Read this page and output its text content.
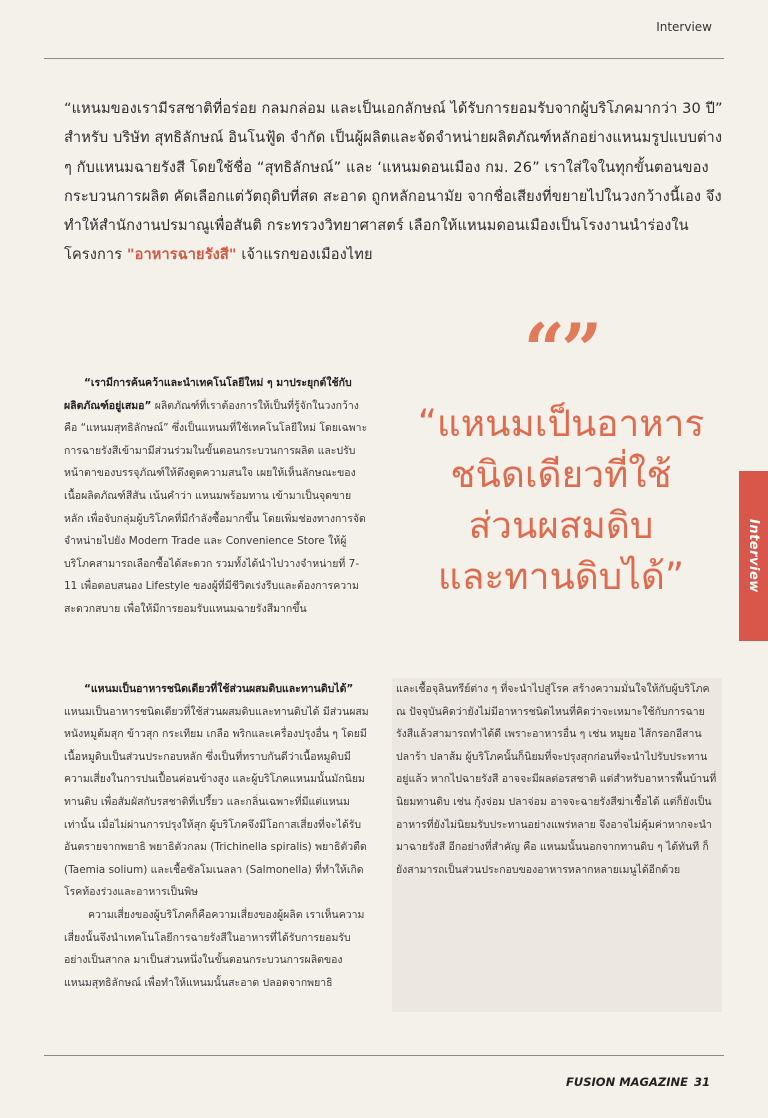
Interview
“แหนมของเรามีรสชาติที่อร่อย กลมกล่อม และเป็นเอกลักษณ์ ได้รับการยอมรับจากผู้บริโภคมากว่า 30 ปี” สำหรับ บริษัท สุทธิลักษณ์ อินโนฟู้ด จำกัด เป็นผู้ผลิตและจัดจำหน่ายผลิตภัณฑ์หลักอย่างแหนมรูปแบบต่าง ๆ กับแหนมฉายรังสี โดยใช้ชื่อ “สุทธิลักษณ์” และ ‘แหนมดอนเมือง กม. 26” เราใส่ใจในทุกขั้นตอนของกระบวนการผลิต คัดเลือกแต่วัตถุดิบที่สด สะอาด ถูกหลักอนามัย จากชื่อเสียงที่ขยายไปในวงกว้างนี้เอง จึงทำให้สำนักงานปรมาณูเพื่อสันติ กระทรวงวิทยาศาสตร์ เลือกให้แหนมดอนเมืองเป็นโรงงานนำร่องในโครงการ "อาหารฉายรังสี" เจ้าแรกของเมืองไทย

“เรามีการค้นคว้าและนำเทคโนโลยีใหม่ ๆ มาประยุกต์ใช้กับผลิตภัณฑ์อยู่เสมอ” ผลิตภัณฑ์ที่เราต้องการให้เป็นที่รู้จักในวงกว้างคือ “แหนมสุทธิลักษณ์” ซึ่งเป็นแหนมที่ใช้เทคโนโลยีใหม่ โดยเฉพาะการฉายรังสีเข้ามามีส่วนร่วมในขั้นตอนกระบวนการผลิต และปรับหน้าตาของบรรจุภัณฑ์ให้ดึงดูดความสนใจ เผยให้เห็นลักษณะของเนื้อผลิตภัณฑ์สีสัน เน้นคำว่า แหนมพร้อมทาน เข้ามาเป็นจุดขายหลัก เพื่อจับกลุ่มผู้บริโภคที่มีกำลังซื้อมากขึ้น โดยเพิ่มช่องทางการจัดจำหน่ายไปยัง Modern Trade และ Convenience Store ให้ผู้บริโภคสามารถเลือกซื้อได้สะดวก รวมทั้งได้นำไปวางจำหน่ายที่ 7-11 เพื่อตอบสนอง Lifestyle ของผู้ที่มีชีวิตเร่งรีบและต้องการความสะดวกสบาย เพื่อให้มีการยอมรับแหนมฉายรังสีมากขึ้น

“”
“แหนมเป็นอาหาร
ชนิดเดียวที่ใช้
ส่วนผสมดิบ
และทานดิบได้”

“แหนมเป็นอาหารชนิดเดียวที่ใช้ส่วนผสมดิบและทานดิบได้” แหนมเป็นอาหารชนิดเดียวที่ใช้ส่วนผสมดิบและทานดิบได้ มีส่วนผสมหนังหมูต้มสุก ข้าวสุก กระเทียม เกลือ พริกและเครื่องปรุงอื่น ๆ โดยมีเนื้อหมูดิบเป็นส่วนประกอบหลัก ซึ่งเป็นที่ทราบกันดีว่าเนื้อหมูดิบมีความเสี่ยงในการปนเปื้อนค่อนข้างสูง และผู้บริโภคแหนมนั้นมักนิยมทานดิบ เพื่อสัมผัสกับรสชาติที่เปรี้ยว และกลิ่นเฉพาะที่มีแต่แหนมเท่านั้น เมื่อไม่ผ่านการปรุงให้สุก ผู้บริโภคจึงมีโอกาสเสี่ยงที่จะได้รับอันตรายจากพยาธิ พยาธิตัวกลม (Trichinella spiralis) พยาธิตัวตืด (Taemia solium) และเชื้อซัลโมเนลลา (Salmonella) ที่ทำให้เกิดโรคท้องร่วงและอาหารเป็นพิษ

ความเสี่ยงของผู้บริโภคก็คือความเสี่ยงของผู้ผลิต เราเห็นความเสี่ยงนั้นจึงนำเทคโนโลยีการฉายรังสีในอาหารที่ได้รับการยอมรับอย่างเป็นสากล มาเป็นส่วนหนึ่งในขั้นตอนกระบวนการผลิตของแหนมสุทธิลักษณ์ เพื่อทำให้แหนมนั้นสะอาด ปลอดจากพยาธิ

และเชื้อจุลินทรีย์ต่าง ๆ ที่จะนำไปสู่โรค สร้างความมั่นใจให้กับผู้บริโภค ณ ปัจจุบันคิดว่ายังไม่มีอาหารชนิดไหนที่คิดว่าจะเหมาะใช้กับการฉายรังสีแล้วสามารถทำได้ดี เพราะอาหารอื่น ๆ เช่น หมูยอ ไส้กรอกอีสาน ปลาร้า ปลาส้ม ผู้บริโภคนั้นก็นิยมที่จะปรุงสุกก่อนที่จะนำไปรับประทานอยู่แล้ว หากไปฉายรังสี อาจจะมีผลต่อรสชาติ แต่สำหรับอาหารพื้นบ้านที่นิยมทานดิบ เช่น กุ้งจ่อม ปลาจ่อม อาจจะฉายรังสีฆ่าเชื้อได้ แต่ก็ยังเป็นอาหารที่ยังไม่นิยมรับประทานอย่างแพร่หลาย จึงอาจไม่คุ้มค่าหากจะนำมาฉายรังสี อีกอย่างที่สำคัญ คือ แหนมนั้นนอกจากทานดิบ ๆ ได้ทันที ก็ยังสามารถเป็นส่วนประกอบของอาหารหลากหลายเมนูได้อีกด้วย

Interview
FUSION MAGAZINE 31
